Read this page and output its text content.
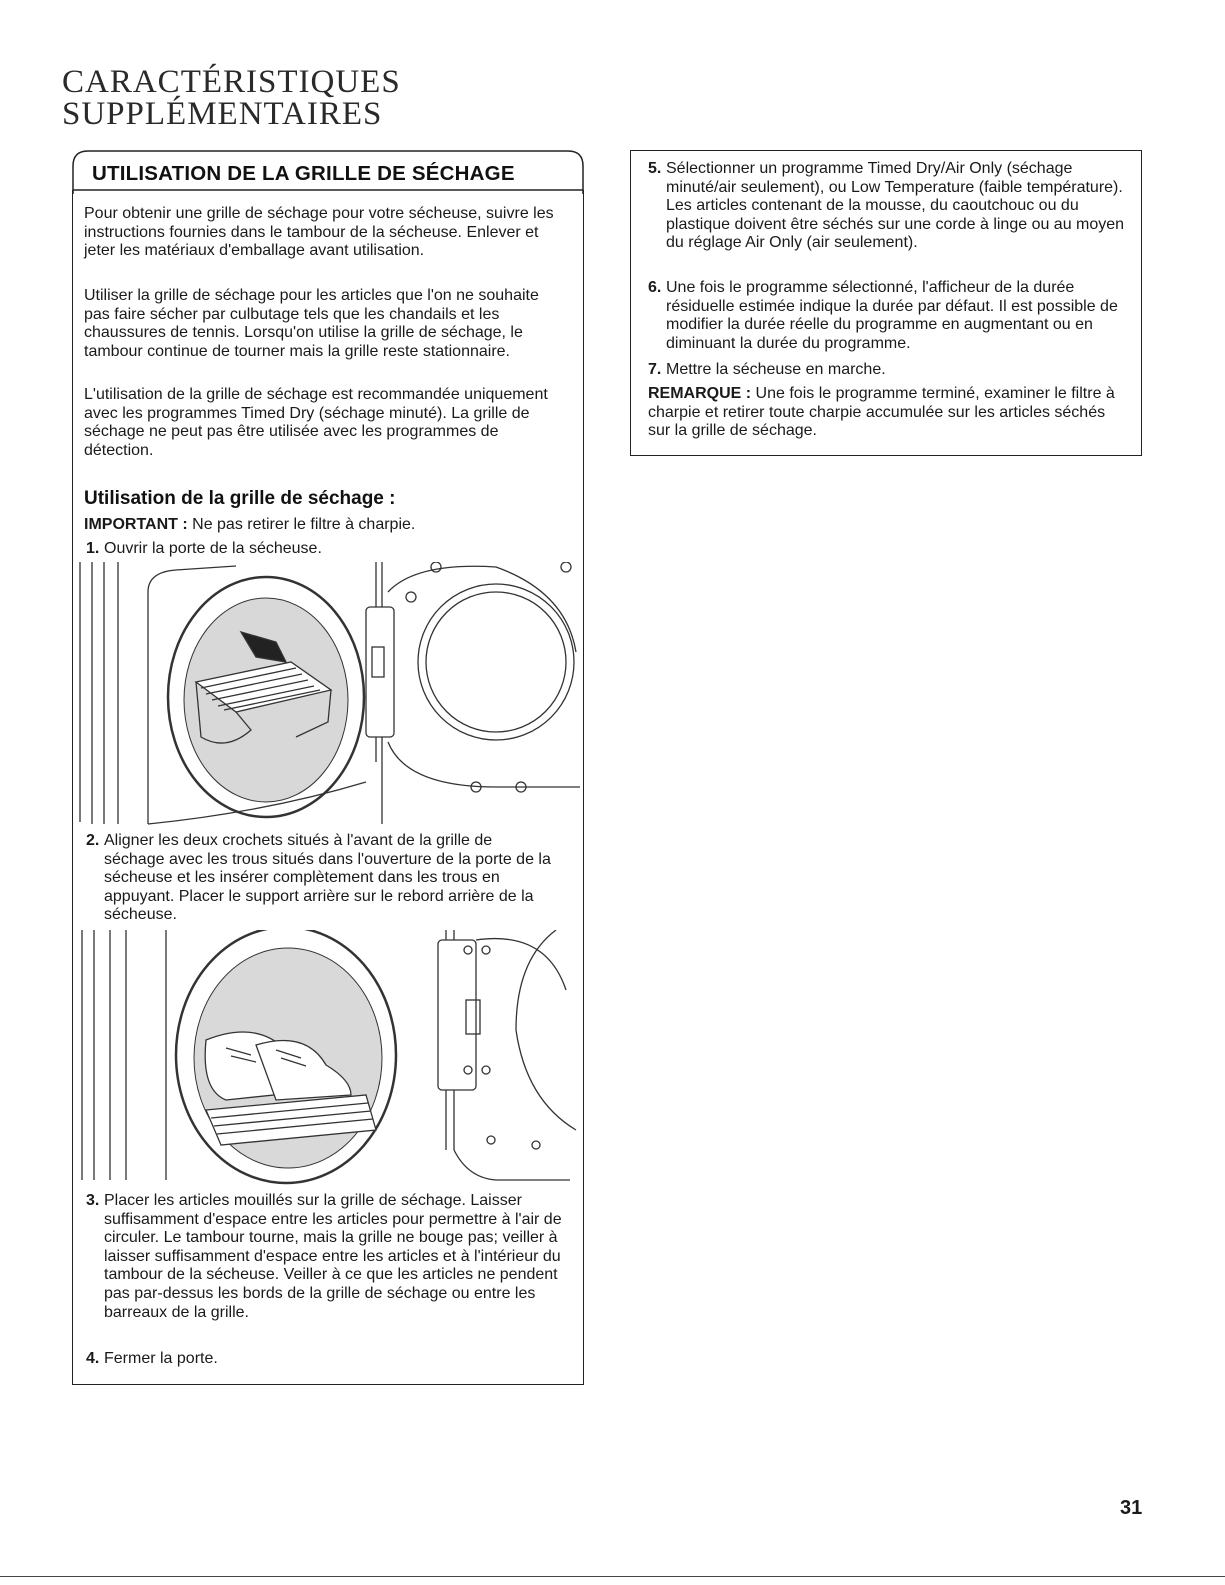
CARACTÉRISTIQUES
SUPPLÉMENTAIRES
UTILISATION DE LA GRILLE DE SÉCHAGE

Pour obtenir une grille de séchage pour votre sécheuse, suivre les instructions fournies dans le tambour de la sécheuse. Enlever et jeter les matériaux d'emballage avant utilisation.

Utiliser la grille de séchage pour les articles que l'on ne souhaite pas faire sécher par culbutage tels que les chandails et les chaussures de tennis. Lorsqu'on utilise la grille de séchage, le tambour continue de tourner mais la grille reste stationnaire.

L'utilisation de la grille de séchage est recommandée uniquement avec les programmes Timed Dry (séchage minuté). La grille de séchage ne peut pas être utilisée avec les programmes de détection.

Utilisation de la grille de séchage :

IMPORTANT : Ne pas retirer le filtre à charpie.

1. Ouvrir la porte de la sécheuse.
2. Aligner les deux crochets situés à l'avant de la grille de séchage avec les trous situés dans l'ouverture de la porte de la sécheuse et les insérer complètement dans les trous en appuyant. Placer le support arrière sur le rebord arrière de la sécheuse.
3. Placer les articles mouillés sur la grille de séchage. Laisser suffisamment d'espace entre les articles pour permettre à l'air de circuler. Le tambour tourne, mais la grille ne bouge pas; veiller à laisser suffisamment d'espace entre les articles et à l'intérieur du tambour de la sécheuse. Veiller à ce que les articles ne pendent pas par-dessus les bords de la grille de séchage ou entre les barreaux de la grille.
4. Fermer la porte.
5. Sélectionner un programme Timed Dry/Air Only (séchage minuté/air seulement), ou Low Temperature (faible température). Les articles contenant de la mousse, du caoutchouc ou du plastique doivent être séchés sur une corde à linge ou au moyen du réglage Air Only (air seulement).
6. Une fois le programme sélectionné, l'afficheur de la durée résiduelle estimée indique la durée par défaut. Il est possible de modifier la durée réelle du programme en augmentant ou en diminuant la durée du programme.
7. Mettre la sécheuse en marche.

REMARQUE : Une fois le programme terminé, examiner le filtre à charpie et retirer toute charpie accumulée sur les articles séchés sur la grille de séchage.

31
